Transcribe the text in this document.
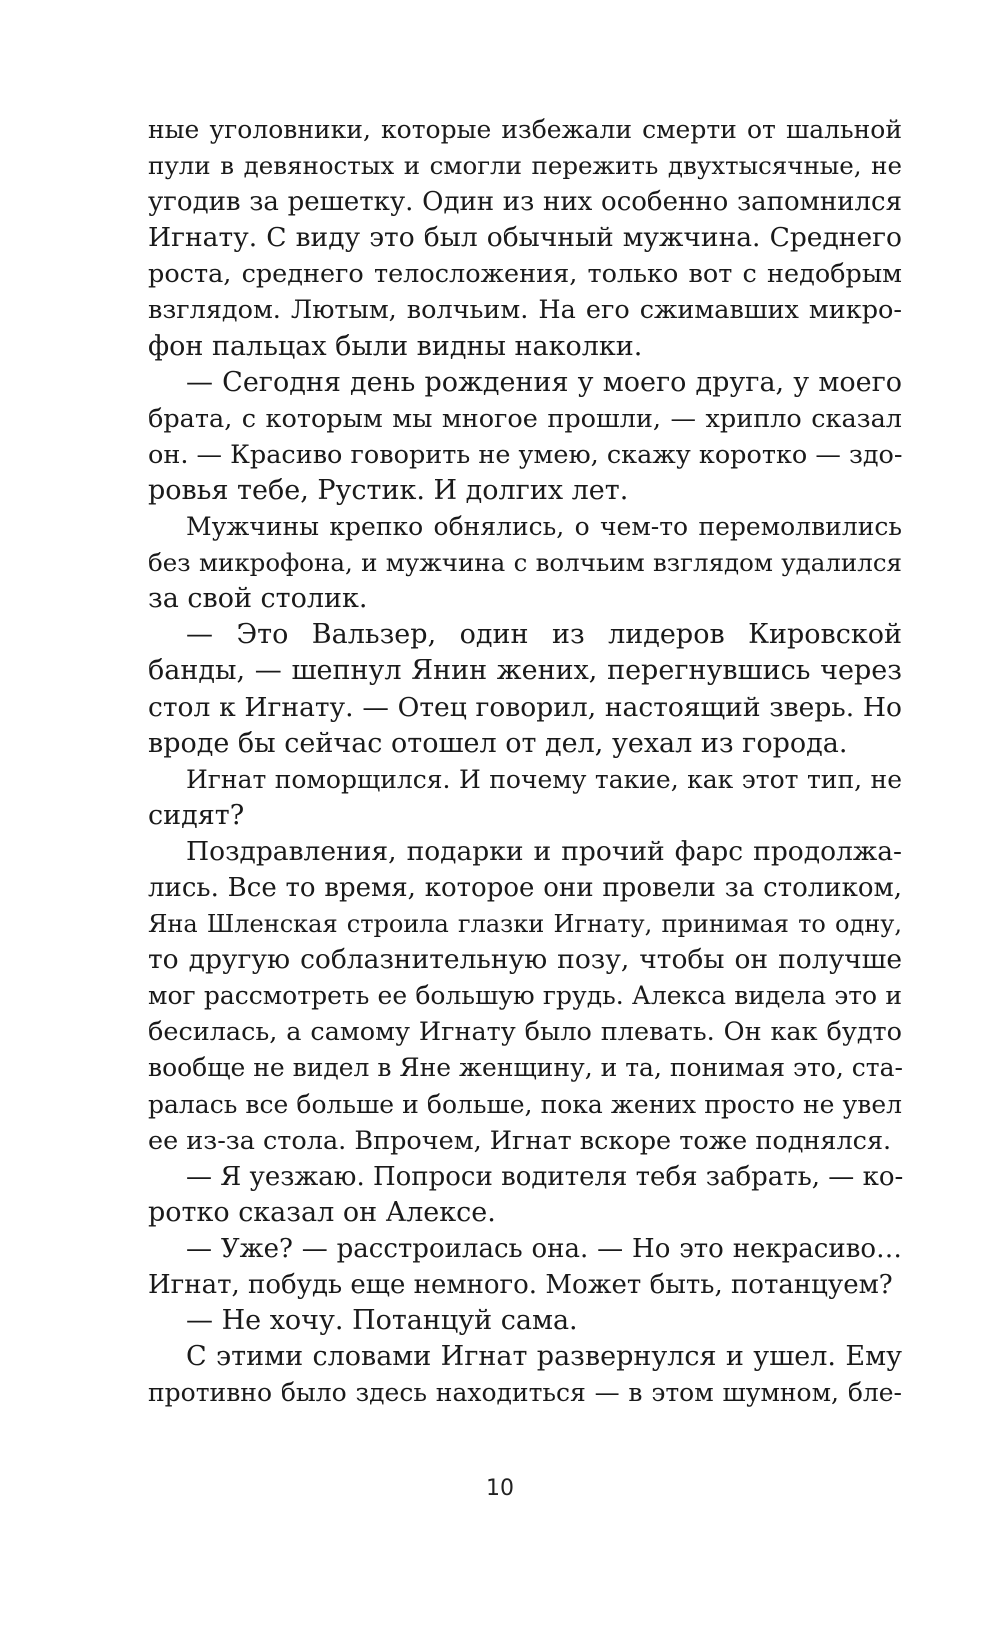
ные уголовники, которые избежали смерти от шальной
пули в девяностых и смогли пережить двухтысячные, не
угодив за решетку. Один из них особенно запомнился
Игнату. С виду это был обычный мужчина. Среднего
роста, среднего телосложения, только вот с недобрым
взглядом. Лютым, волчьим. На его сжимавших микро-
фон пальцах были видны наколки.
— Сегодня день рождения у моего друга, у моего
брата, с которым мы многое прошли, — хрипло сказал
он. — Красиво говорить не умею, скажу коротко — здо-
ровья тебе, Рустик. И долгих лет.
Мужчины крепко обнялись, о чем-то перемолвились
без микрофона, и мужчина с волчьим взглядом удалился
за свой столик.
— Это Вальзер, один из лидеров Кировской
банды, — шепнул Янин жених, перегнувшись через
стол к Игнату. — Отец говорил, настоящий зверь. Но
вроде бы сейчас отошел от дел, уехал из города.
Игнат поморщился. И почему такие, как этот тип, не
сидят?
Поздравления, подарки и прочий фарс продолжа-
лись. Все то время, которое они провели за столиком,
Яна Шленская строила глазки Игнату, принимая то одну,
то другую соблазнительную позу, чтобы он получше
мог рассмотреть ее большую грудь. Алекса видела это и
бесилась, а самому Игнату было плевать. Он как будто
вообще не видел в Яне женщину, и та, понимая это, ста-
ралась все больше и больше, пока жених просто не увел
ее из-за стола. Впрочем, Игнат вскоре тоже поднялся.
— Я уезжаю. Попроси водителя тебя забрать, — ко-
ротко сказал он Алексе.
— Уже? — расстроилась она. — Но это некрасиво…
Игнат, побудь еще немного. Может быть, потанцуем?
— Не хочу. Потанцуй сама.
С этими словами Игнат развернулся и ушел. Ему
противно было здесь находиться — в этом шумном, бле-
10
